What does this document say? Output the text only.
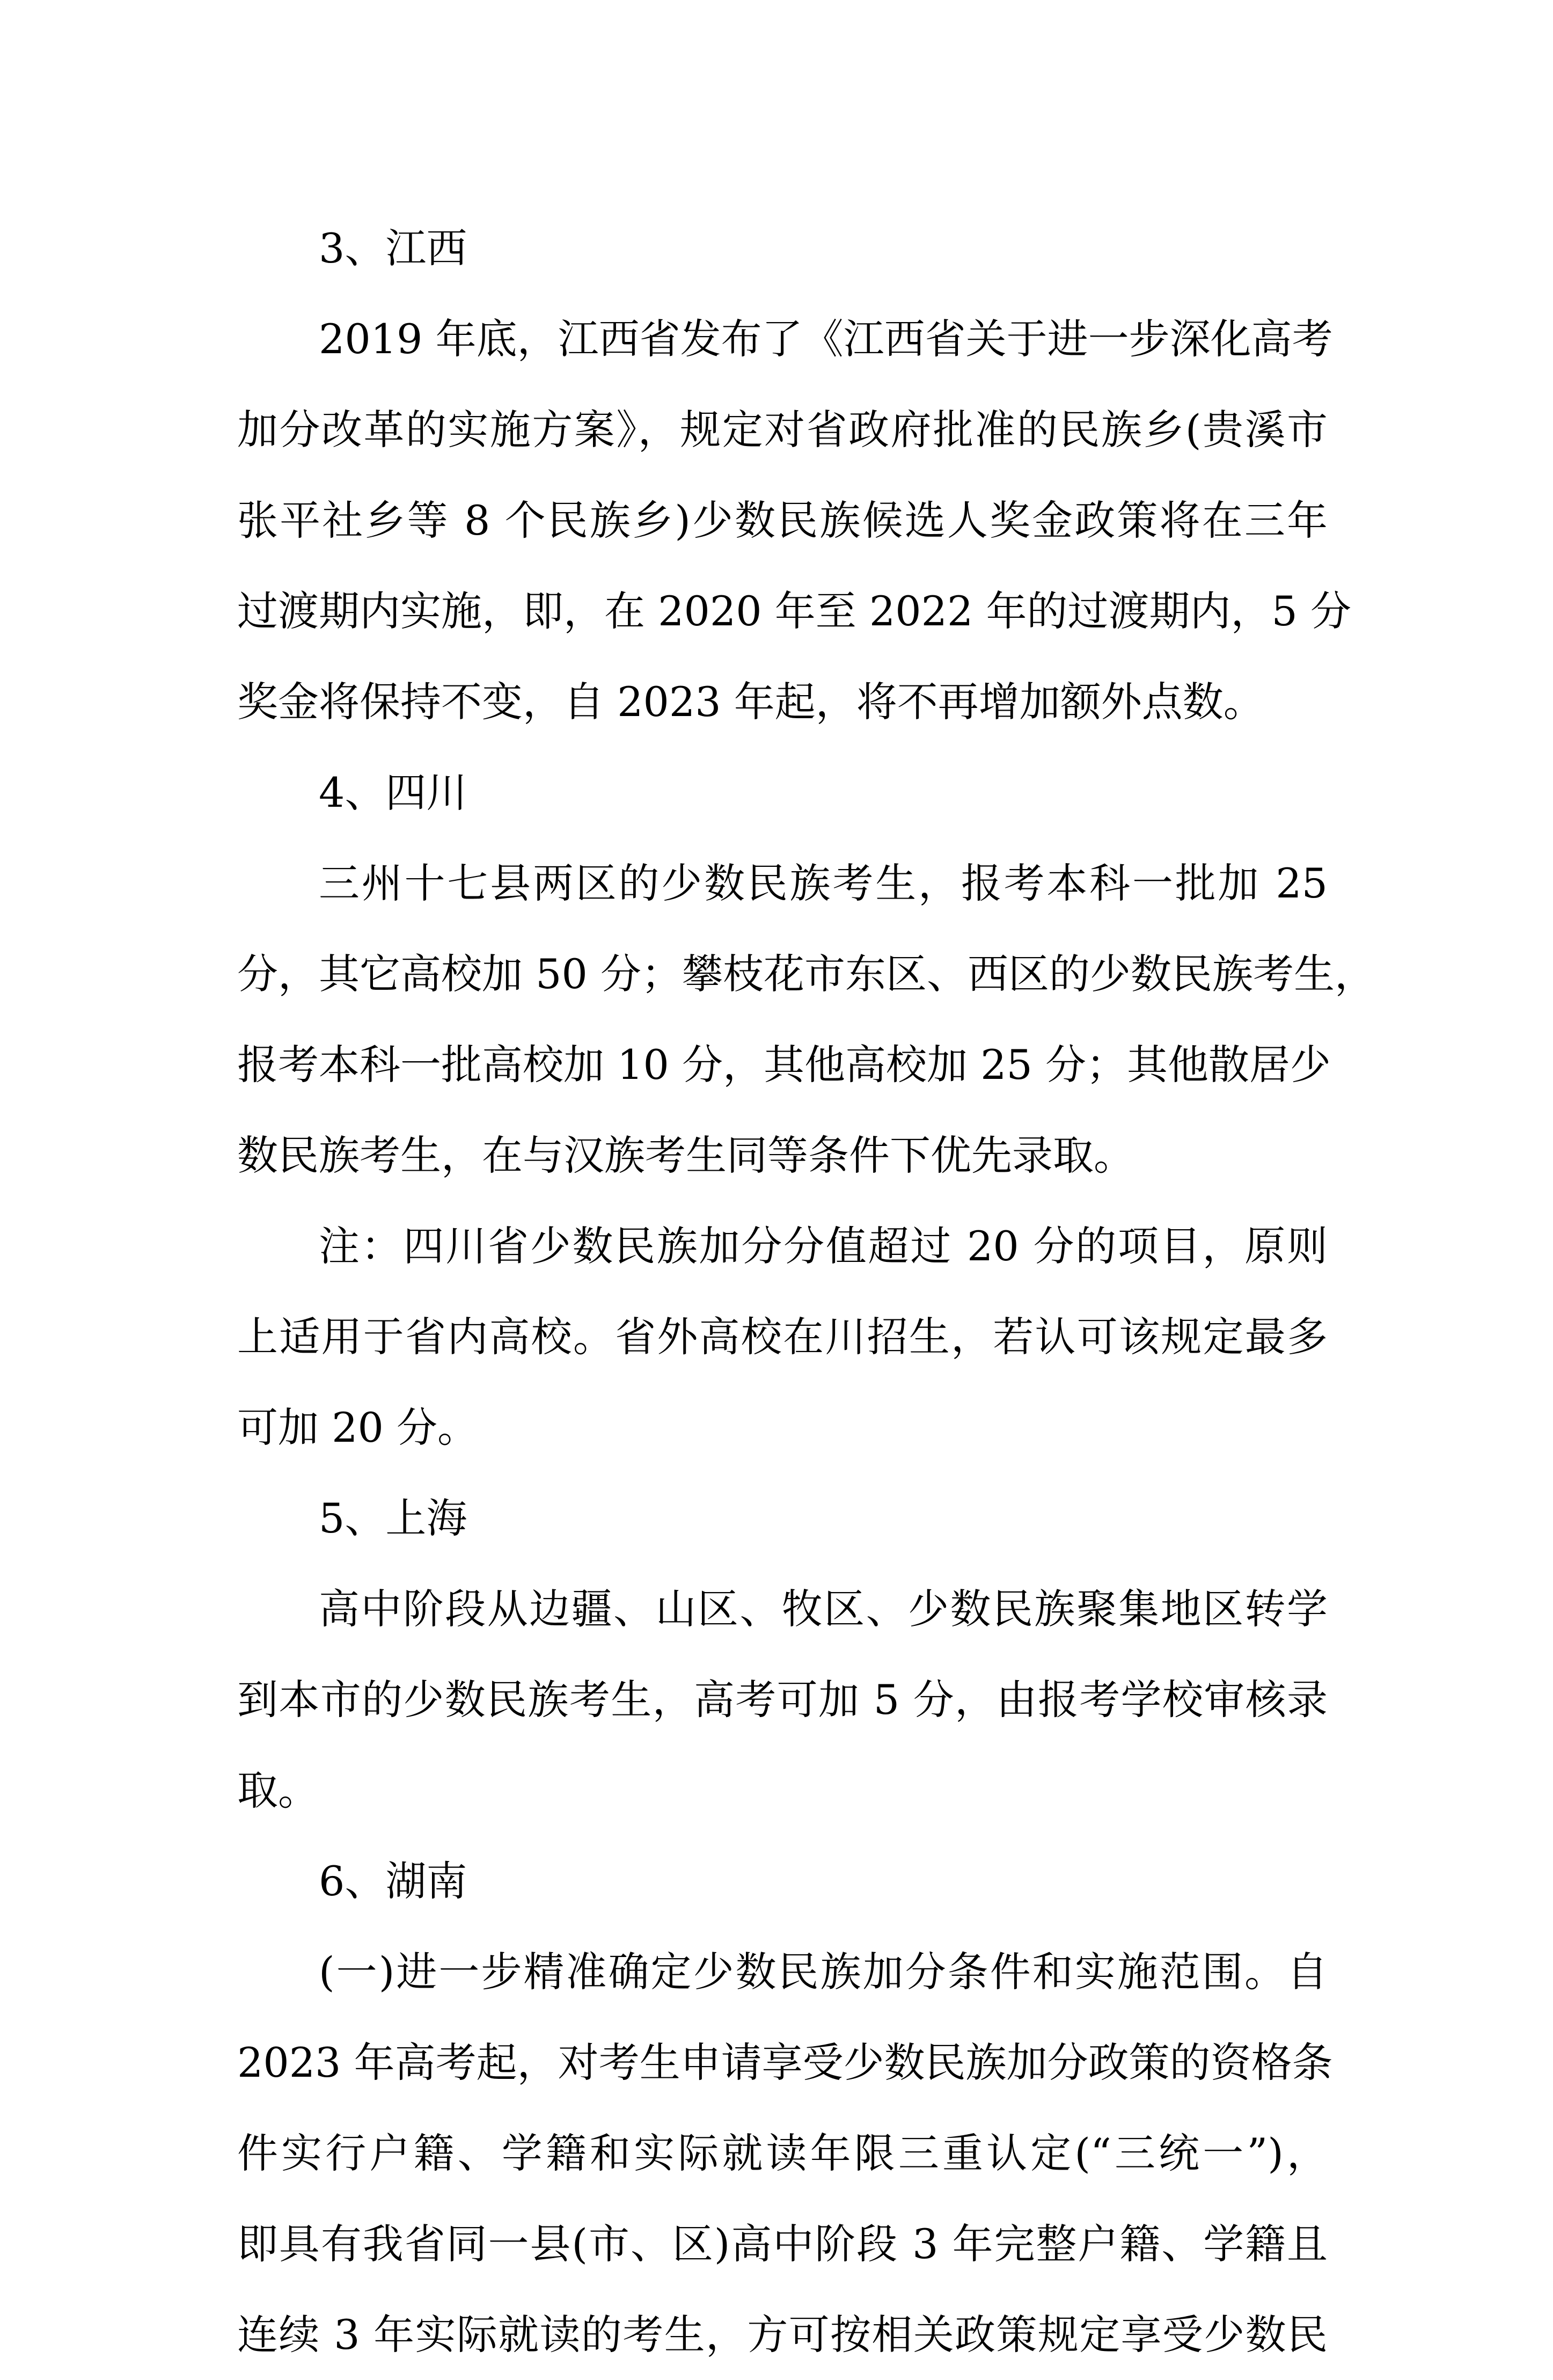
3、江西
2019 年底，江西省发布了《江西省关于进一步深化高考
加分改革的实施方案》，规定对省政府批准的民族乡(贵溪市
张平社乡等 8 个民族乡)少数民族候选人奖金政策将在三年
过渡期内实施，即，在 2020 年至 2022 年的过渡期内，5 分
奖金将保持不变，自 2023 年起，将不再增加额外点数。
4、四川
三州十七县两区的少数民族考生，报考本科一批加 25
分，其它高校加 50 分；攀枝花市东区、西区的少数民族考生，
报考本科一批高校加 10 分，其他高校加 25 分；其他散居少
数民族考生，在与汉族考生同等条件下优先录取。
注：四川省少数民族加分分值超过 20 分的项目，原则
上适用于省内高校。省外高校在川招生，若认可该规定最多
可加 20 分。
5、上海
高中阶段从边疆、山区、牧区、少数民族聚集地区转学
到本市的少数民族考生，高考可加 5 分，由报考学校审核录
取。
6、湖南
(一)进一步精准确定少数民族加分条件和实施范围。自
2023 年高考起，对考生申请享受少数民族加分政策的资格条
件实行户籍、学籍和实际就读年限三重认定(“三统一”)，
即具有我省同一县(市、区)高中阶段 3 年完整户籍、学籍且
连续 3 年实际就读的考生，方可按相关政策规定享受少数民
